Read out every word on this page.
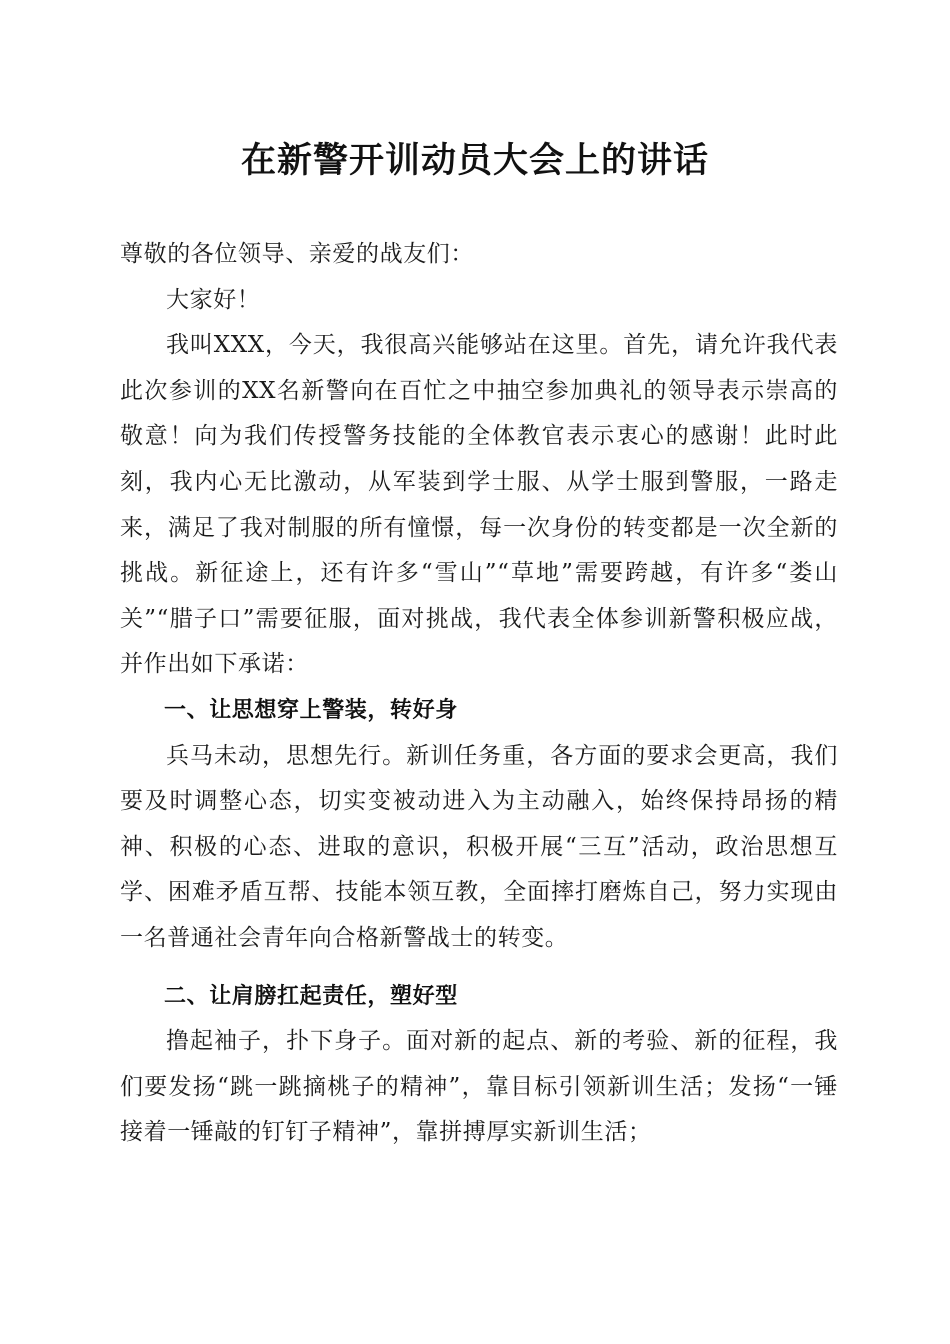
在新警开训动员大会上的讲话

尊敬的各位领导、亲爱的战友们：

大家好！

我叫XXX，今天，我很高兴能够站在这里。首先，请允许我代表此次参训的XX名新警向在百忙之中抽空参加典礼的领导表示崇高的敬意！向为我们传授警务技能的全体教官表示衷心的感谢！此时此刻，我内心无比激动，从军装到学士服、从学士服到警服，一路走来，满足了我对制服的所有憧憬，每一次身份的转变都是一次全新的挑战。新征途上，还有许多“雪山”“草地”需要跨越，有许多“娄山关”“腊子口”需要征服，面对挑战，我代表全体参训新警积极应战，并作出如下承诺：

一、让思想穿上警装，转好身

兵马未动，思想先行。新训任务重，各方面的要求会更高，我们要及时调整心态，切实变被动进入为主动融入，始终保持昂扬的精神、积极的心态、进取的意识，积极开展“三互”活动，政治思想互学、困难矛盾互帮、技能本领互教，全面摔打磨炼自己，努力实现由一名普通社会青年向合格新警战士的转变。

二、让肩膀扛起责任，塑好型

撸起袖子，扑下身子。面对新的起点、新的考验、新的征程，我们要发扬“跳一跳摘桃子的精神”，靠目标引领新训生活；发扬“一锤接着一锤敲的钉钉子精神”，靠拼搏厚实新训生活；
